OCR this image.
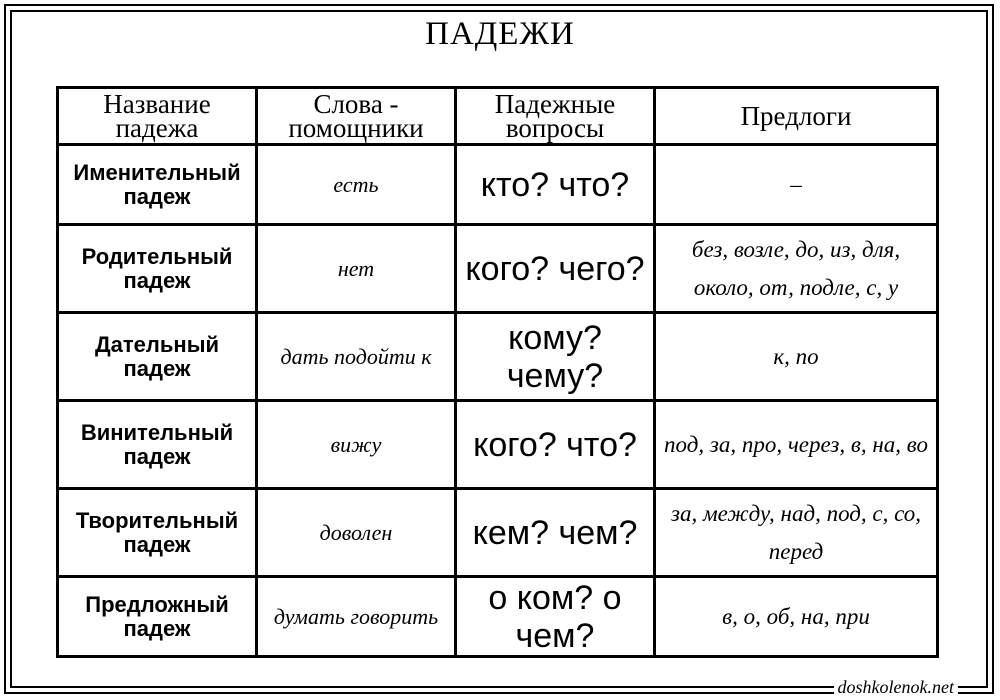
ПАДЕЖИ
Название падежа	Слова - помощники	Падежные вопросы	Предлоги
Именительный падеж	есть	кто? что?	–
Родительный падеж	нет	кого? чего?	без, возле, до, из, для, около, от, подле, с, у
Дательный падеж	дать подойти к	кому? чему?	к, по
Винительный падеж	вижу	кого? что?	под, за, про, через, в, на, во
Творительный падеж	доволен	кем? чем?	за, между, над, под, с, со, перед
Предложный падеж	думать говорить	о ком? о чем?	в, о, об, на, при
doshkolenok.net
